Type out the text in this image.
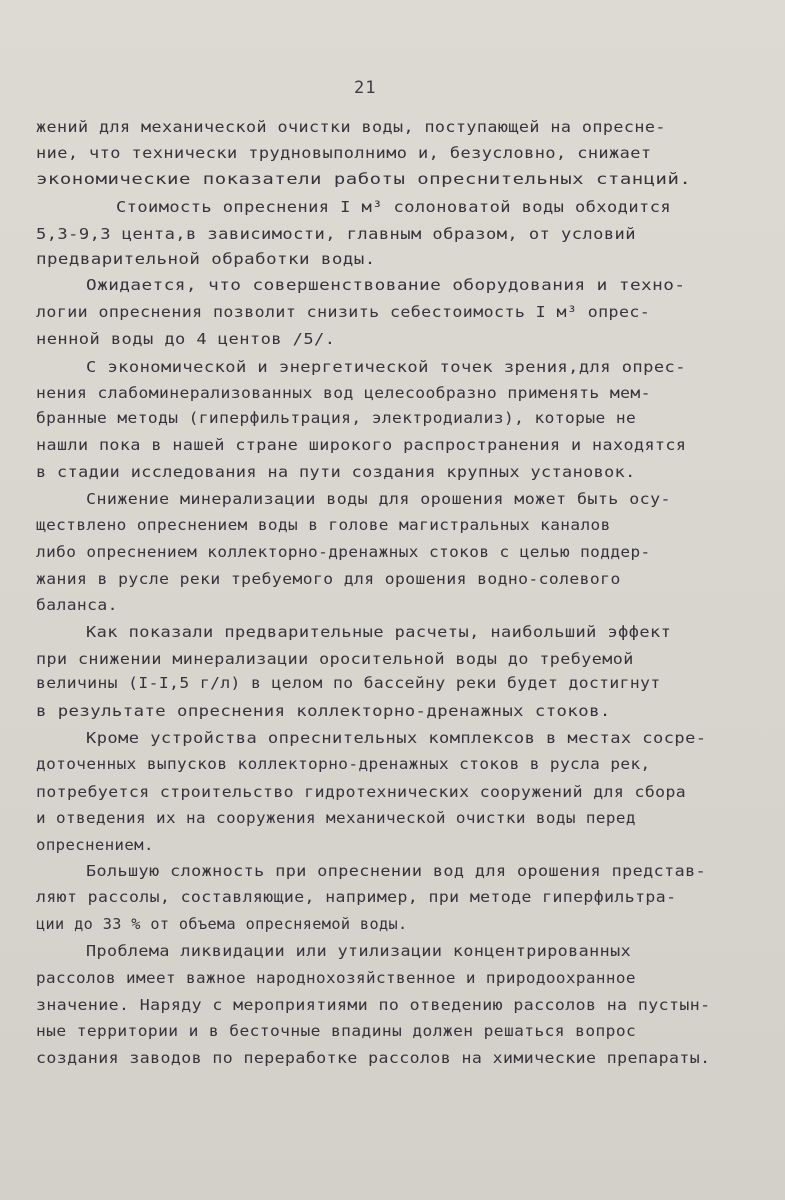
21
жений для механической очистки воды, поступающей на опресне-
ние, что технически трудновыполнимо и, безусловно, снижает
экономические показатели работы опреснительных станций.
Стоимость опреснения I м³ солоноватой воды обходится
5,3-9,3 цента,в зависимости, главным образом, от условий
предварительной обработки воды.
Ожидается, что совершенствование оборудования и техно-
логии опреснения позволит снизить себестоимость I м³ опрес-
ненной воды до 4 центов /5/.
С экономической и энергетической точек зрения,для опрес-
нения слабоминерализованных вод целесообразно применять мем-
бранные методы (гиперфильтрация, электродиализ), которые не
нашли пока в нашей стране широкого распространения и находятся
в стадии исследования на пути создания крупных установок.
Снижение минерализации воды для орошения может быть осу-
ществлено опреснением воды в голове магистральных каналов
либо опреснением коллекторно-дренажных стоков с целью поддер-
жания в русле реки требуемого для орошения водно-солевого
баланса.
Как показали предварительные расчеты, наибольший эффект
при снижении минерализации оросительной воды до требуемой
величины (I-I,5 г/л) в целом по бассейну реки будет достигнут
в результате опреснения коллекторно-дренажных стоков.
Кроме устройства опреснительных комплексов в местах сосре-
доточенных выпусков коллекторно-дренажных стоков в русла рек,
потребуется строительство гидротехнических сооружений для сбора
и отведения их на сооружения механической очистки воды перед
опреснением.
Большую сложность при опреснении вод для орошения представ-
ляют рассолы, составляющие, например, при методе гиперфильтра-
ции до 33 % от объема опресняемой воды.
Проблема ликвидации или утилизации концентрированных
рассолов имеет важное народнохозяйственное и природоохранное
значение. Наряду с мероприятиями по отведению рассолов на пустын-
ные территории и в бесточные впадины должен решаться вопрос
создания заводов по переработке рассолов на химические препараты.
